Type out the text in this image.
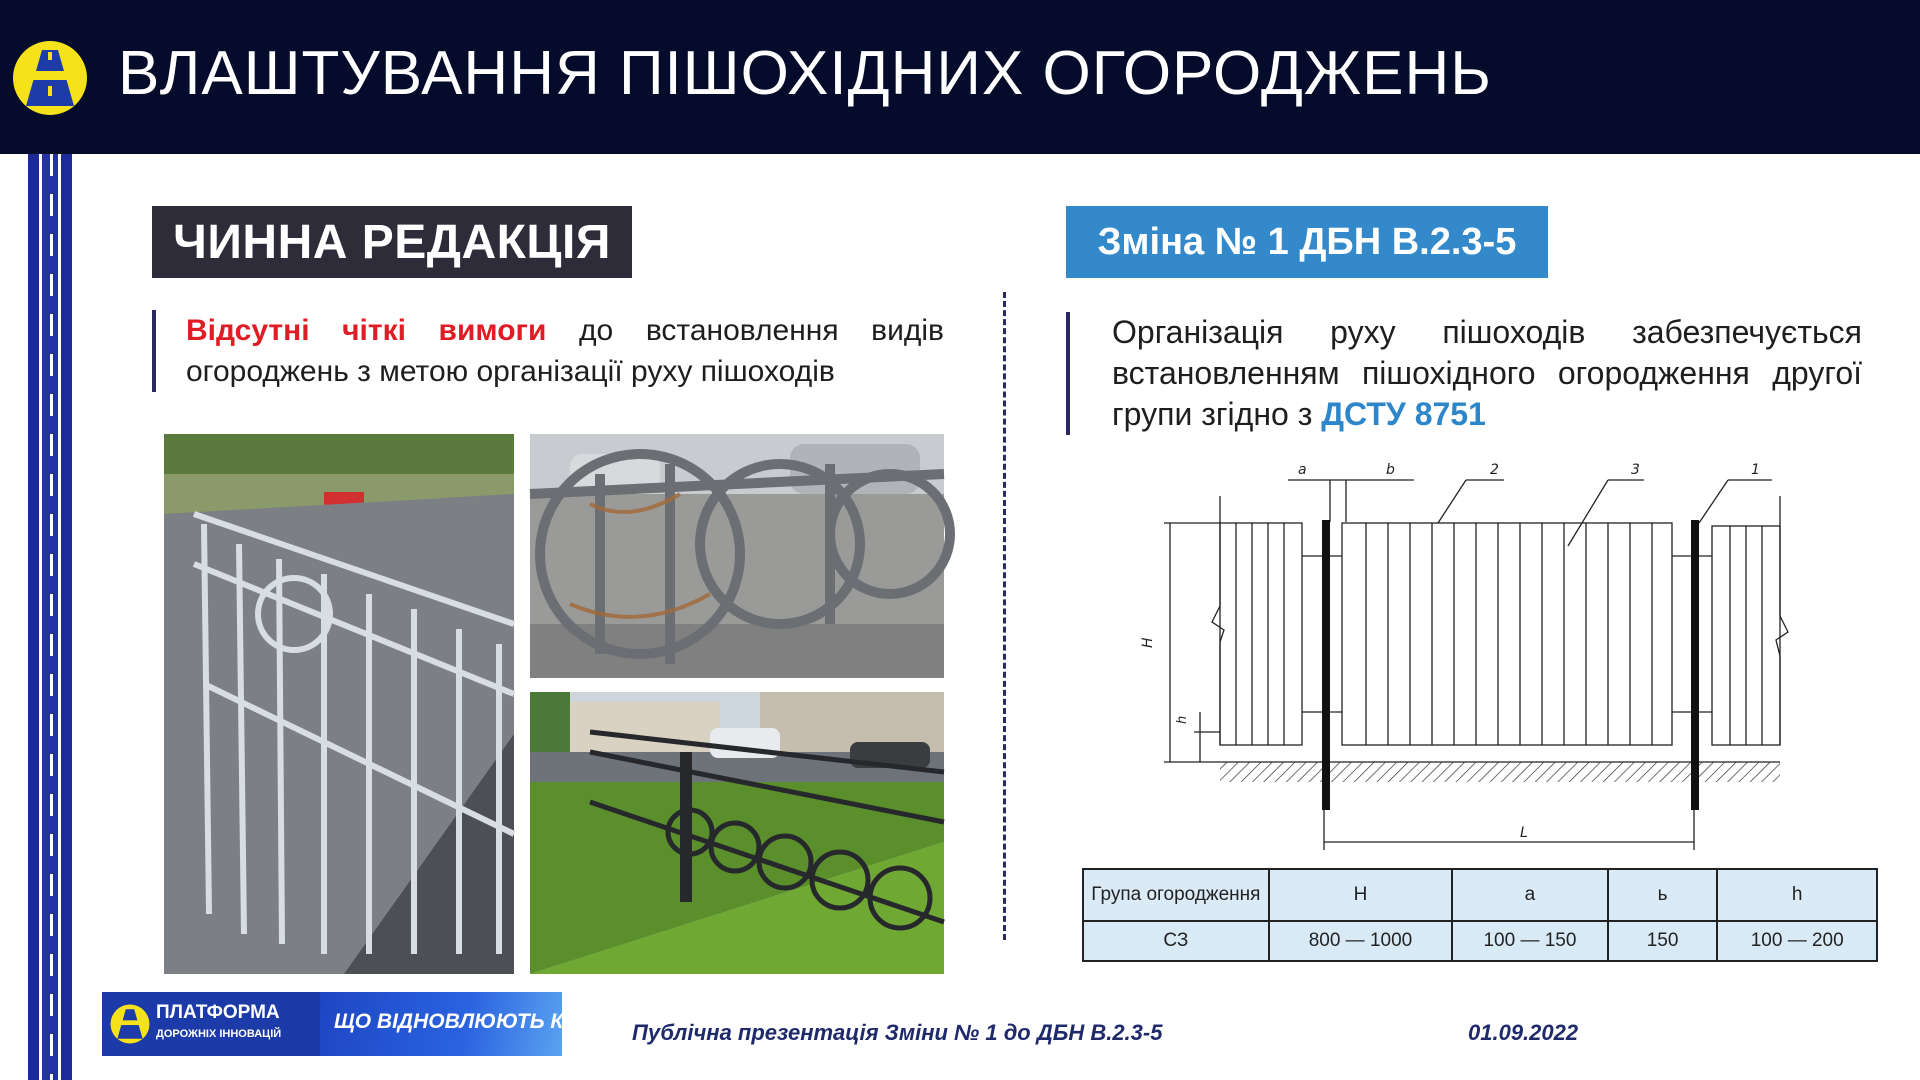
ВЛАШТУВАННЯ ПІШОХІДНИХ ОГОРОДЖЕНЬ
ЧИННА РЕДАКЦІЯ
Відсутні чіткі вимоги до встановлення видів огороджень з метою організації руху пішоходів
Зміна № 1 ДБН В.2.3-5
Організація руху пішоходів забезпечується встановленням пішохідного огородження другої групи згідно з ДСТУ 8751
a	b	2	3	1
H
h
L
Група огородження	H	a	ь	h
СЗ	800 — 1000	100 — 150	150	100 — 200
ПЛАТФОРМА
ДОРОЖНІХ ІННОВАЦІЙ
ЩО ВІДНОВЛЮЮТЬ КРАЇНУ Публічна презентація Зміни № 1 до ДБН В.2.3-5	01.09.2022
